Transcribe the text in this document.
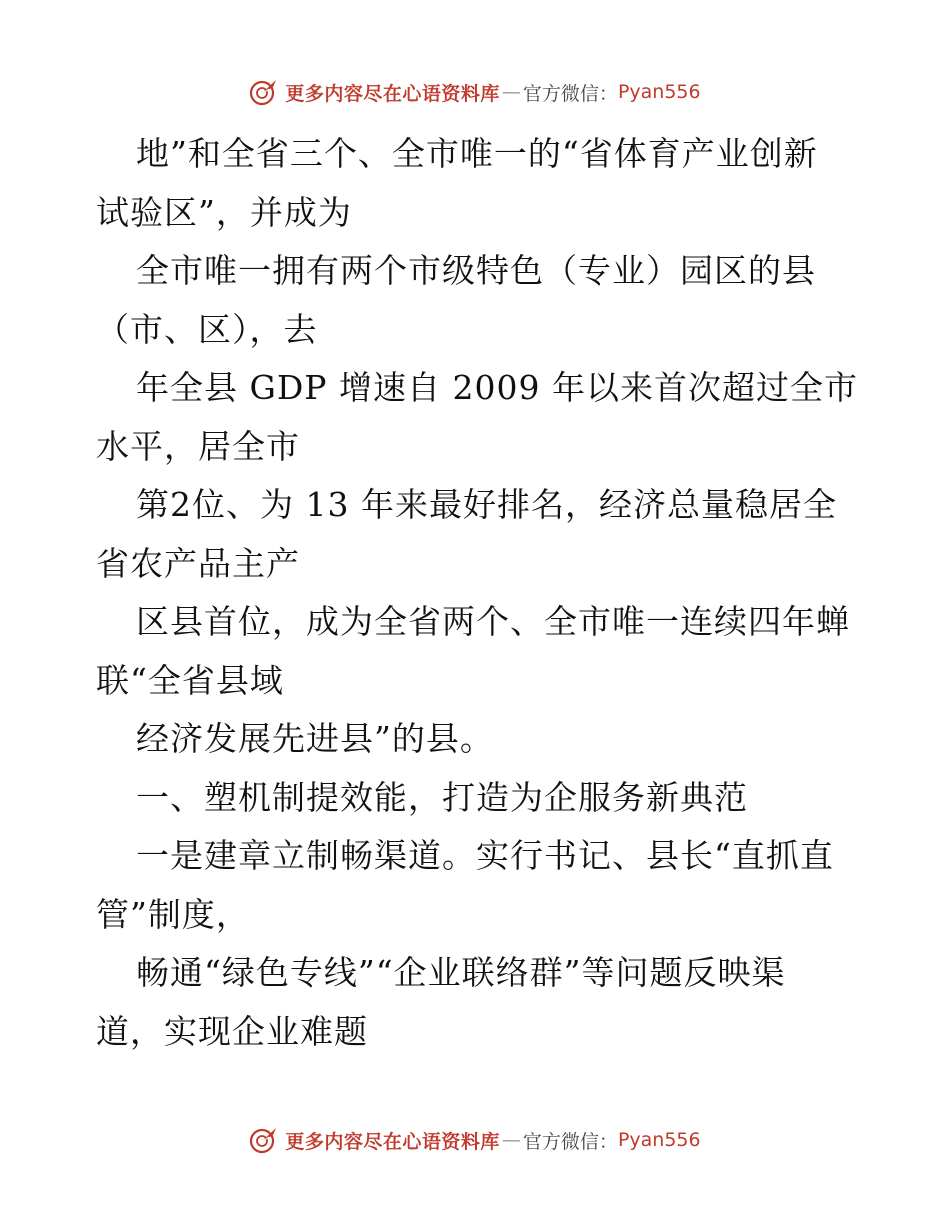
更多内容尽在心语资料库 — 官方微信： Pyan556
地”和全省三个、全市唯一的“省体育产业创新
试验区”，并成为
全市唯一拥有两个市级特色（专业）园区的县
（市、区），去
年全县 GDP 增速自 2009 年以来首次超过全市
水平，居全市
第2位、为 13 年来最好排名，经济总量稳居全
省农产品主产
区县首位，成为全省两个、全市唯一连续四年蝉
联“全省县域
经济发展先进县”的县。
一、塑机制提效能，打造为企服务新典范
一是建章立制畅渠道。实行书记、县长“直抓直
管”制度，
畅通“绿色专线”“企业联络群”等问题反映渠
道，实现企业难题
更多内容尽在心语资料库 — 官方微信： Pyan556
